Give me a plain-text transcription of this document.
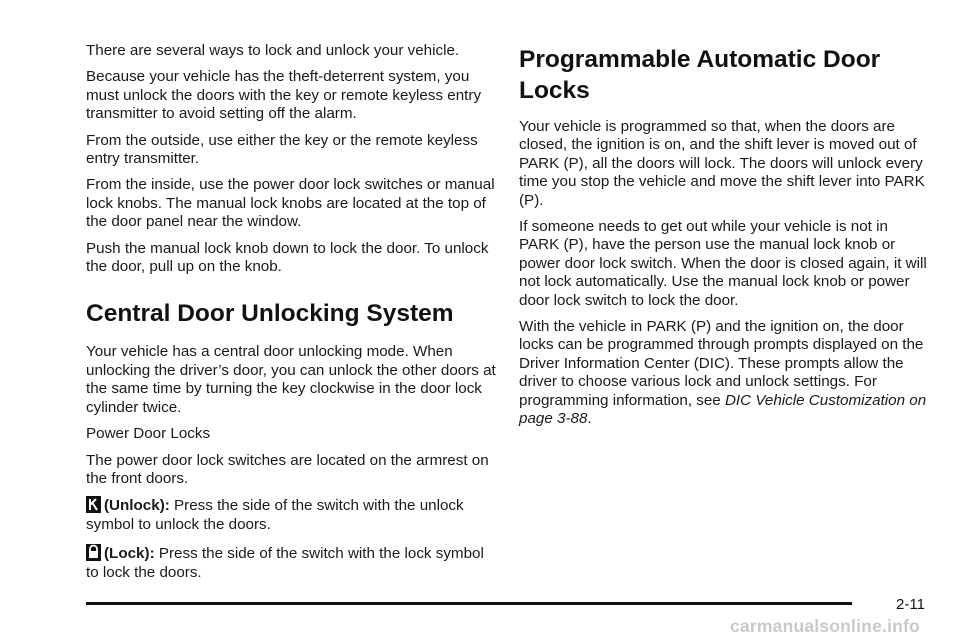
There are several ways to lock and unlock your vehicle.

Because your vehicle has the theft-deterrent system, you must unlock the doors with the key or remote keyless entry transmitter to avoid setting off the alarm.

From the outside, use either the key or the remote keyless entry transmitter.

From the inside, use the power door lock switches or manual lock knobs. The manual lock knobs are located at the top of the door panel near the window.

Push the manual lock knob down to lock the door. To unlock the door, pull up on the knob.

Central Door Unlocking System

Your vehicle has a central door unlocking mode. When unlocking the driver’s door, you can unlock the other doors at the same time by turning the key clockwise in the door lock cylinder twice.

Power Door Locks

The power door lock switches are located on the armrest on the front doors.

(Unlock): Press the side of the switch with the unlock symbol to unlock the doors.

(Lock): Press the side of the switch with the lock symbol to lock the doors.

Programmable Automatic Door Locks

Your vehicle is programmed so that, when the doors are closed, the ignition is on, and the shift lever is moved out of PARK (P), all the doors will lock. The doors will unlock every time you stop the vehicle and move the shift lever into PARK (P).

If someone needs to get out while your vehicle is not in PARK (P), have the person use the manual lock knob or power door lock switch. When the door is closed again, it will not lock automatically. Use the manual lock knob or power door lock switch to lock the door.

With the vehicle in PARK (P) and the ignition on, the door locks can be programmed through prompts displayed on the Driver Information Center (DIC). These prompts allow the driver to choose various lock and unlock settings. For programming information, see DIC Vehicle Customization on page 3-88.

2-11
carmanualsonline.info
